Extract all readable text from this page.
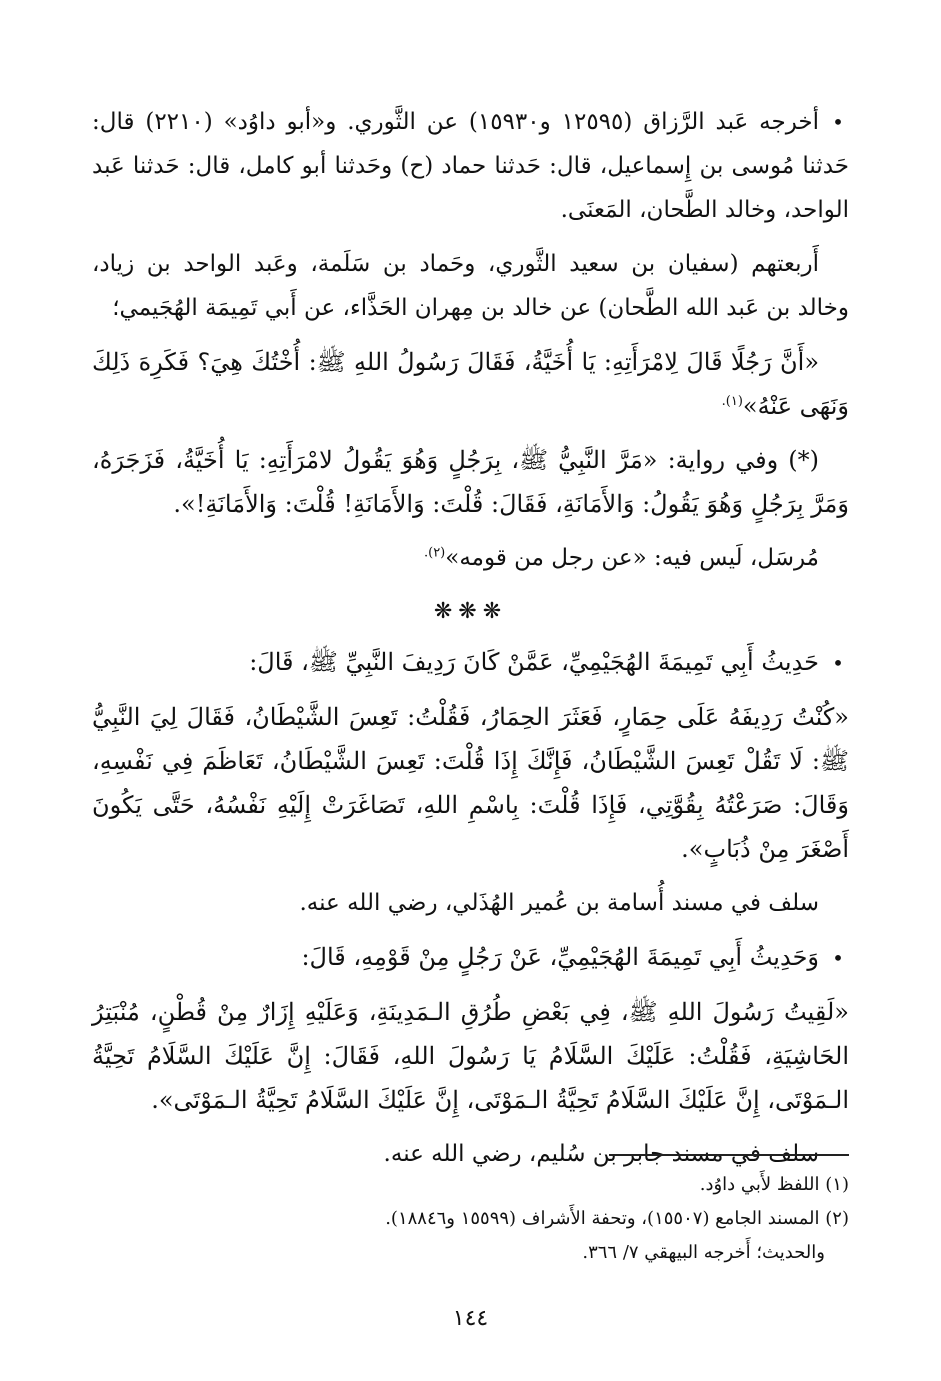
•أخرجه عَبد الرَّزاق (١٢٥٩٥ و١٥٩٣٠) عن الثَّوري. و«أبو داوُد» (٢٢١٠) قال: حَدثنا مُوسى بن إِسماعيل، قال: حَدثنا حماد (ح) وحَدثنا أبو كامل، قال: حَدثنا عَبد الواحد، وخالد الطَّحان، المَعنَى.

أَربعتهم (سفيان بن سعيد الثَّوري، وحَماد بن سَلَمة، وعَبد الواحد بن زياد، وخالد بن عَبد الله الطَّحان) عن خالد بن مِهران الحَذَّاء، عن أَبي تَمِيمَة الهُجَيمي؛

«أَنَّ رَجُلًا قَالَ لِامْرَأَتِهِ: يَا أُخَيَّةُ، فَقَالَ رَسُولُ اللهِ ﷺ: أُخْتُكَ هِيَ؟ فَكَرِهَ ذَلِكَ وَنَهَى عَنْهُ»$^{(١).}$

(*) وفي رواية: «مَرَّ النَّبِيُّ ﷺ، بِرَجُلٍ وَهُوَ يَقُولُ لامْرَأَتِهِ: يَا أُخَيَّةُ، فَزَجَرَهُ، وَمَرَّ بِرَجُلٍ وَهُوَ يَقُولُ: وَالأَمَانَةِ، فَقَالَ: قُلْتَ: وَالأَمَانَةِ! قُلْتَ: وَالأَمَانَةِ!».

مُرسَل، لَيس فيه: «عن رجل من قومه»$^{(٢).}$

❋❋❋

•حَدِيثُ أَبِي تَمِيمَةَ الهُجَيْمِيِّ، عَمَّنْ كَانَ رَدِيفَ النَّبِيِّ ﷺ، قَالَ:

«كُنْتُ رَدِيفَهُ عَلَى حِمَارٍ، فَعَثَرَ الحِمَارُ، فَقُلْتُ: تَعِسَ الشَّيْطَانُ، فَقَالَ لِيَ النَّبِيُّ ﷺ: لَا تَقُلْ تَعِسَ الشَّيْطَانُ، فَإِنَّكَ إِذَا قُلْتَ: تَعِسَ الشَّيْطَانُ، تَعَاظَمَ فِي نَفْسِهِ، وَقَالَ: صَرَعْتُهُ بِقُوَّتِي، فَإِذَا قُلْتَ: بِاسْمِ اللهِ، تَصَاغَرَتْ إِلَيْهِ نَفْسُهُ، حَتَّى يَكُونَ أَصْغَرَ مِنْ ذُبَابٍ».

سلف في مسند أُسامة بن عُمير الهُذَلي، رضي الله عنه.

•وَحَدِيثُ أَبِي تَمِيمَةَ الهُجَيْمِيِّ، عَنْ رَجُلٍ مِنْ قَوْمِهِ، قَالَ:

«لَقِيتُ رَسُولَ اللهِ ﷺ، فِي بَعْضِ طُرُقِ الـمَدِينَةِ، وَعَلَيْهِ إِزَارٌ مِنْ قُطْنٍ، مُنْبَتِرُ الحَاشِيَةِ، فَقُلْتُ: عَلَيْكَ السَّلَامُ يَا رَسُولَ اللهِ، فَقَالَ: إِنَّ عَلَيْكَ السَّلَامُ تَحِيَّةُ الـمَوْتَى، إِنَّ عَلَيْكَ السَّلَامُ تَحِيَّةُ الـمَوْتَى، إِنَّ عَلَيْكَ السَّلَامُ تَحِيَّةُ الـمَوْتَى».

سلف في مسند جابر بن سُليم، رضي الله عنه.

(١) اللفظ لأَبي داوُد.

(٢) المسند الجامع (١٥٥٠٧)، وتحفة الأَشراف (١٥٥٩٩ و١٨٨٤٦).

والحديث؛ أَخرجه البيهقي ٧/ ٣٦٦.

١٤٤
